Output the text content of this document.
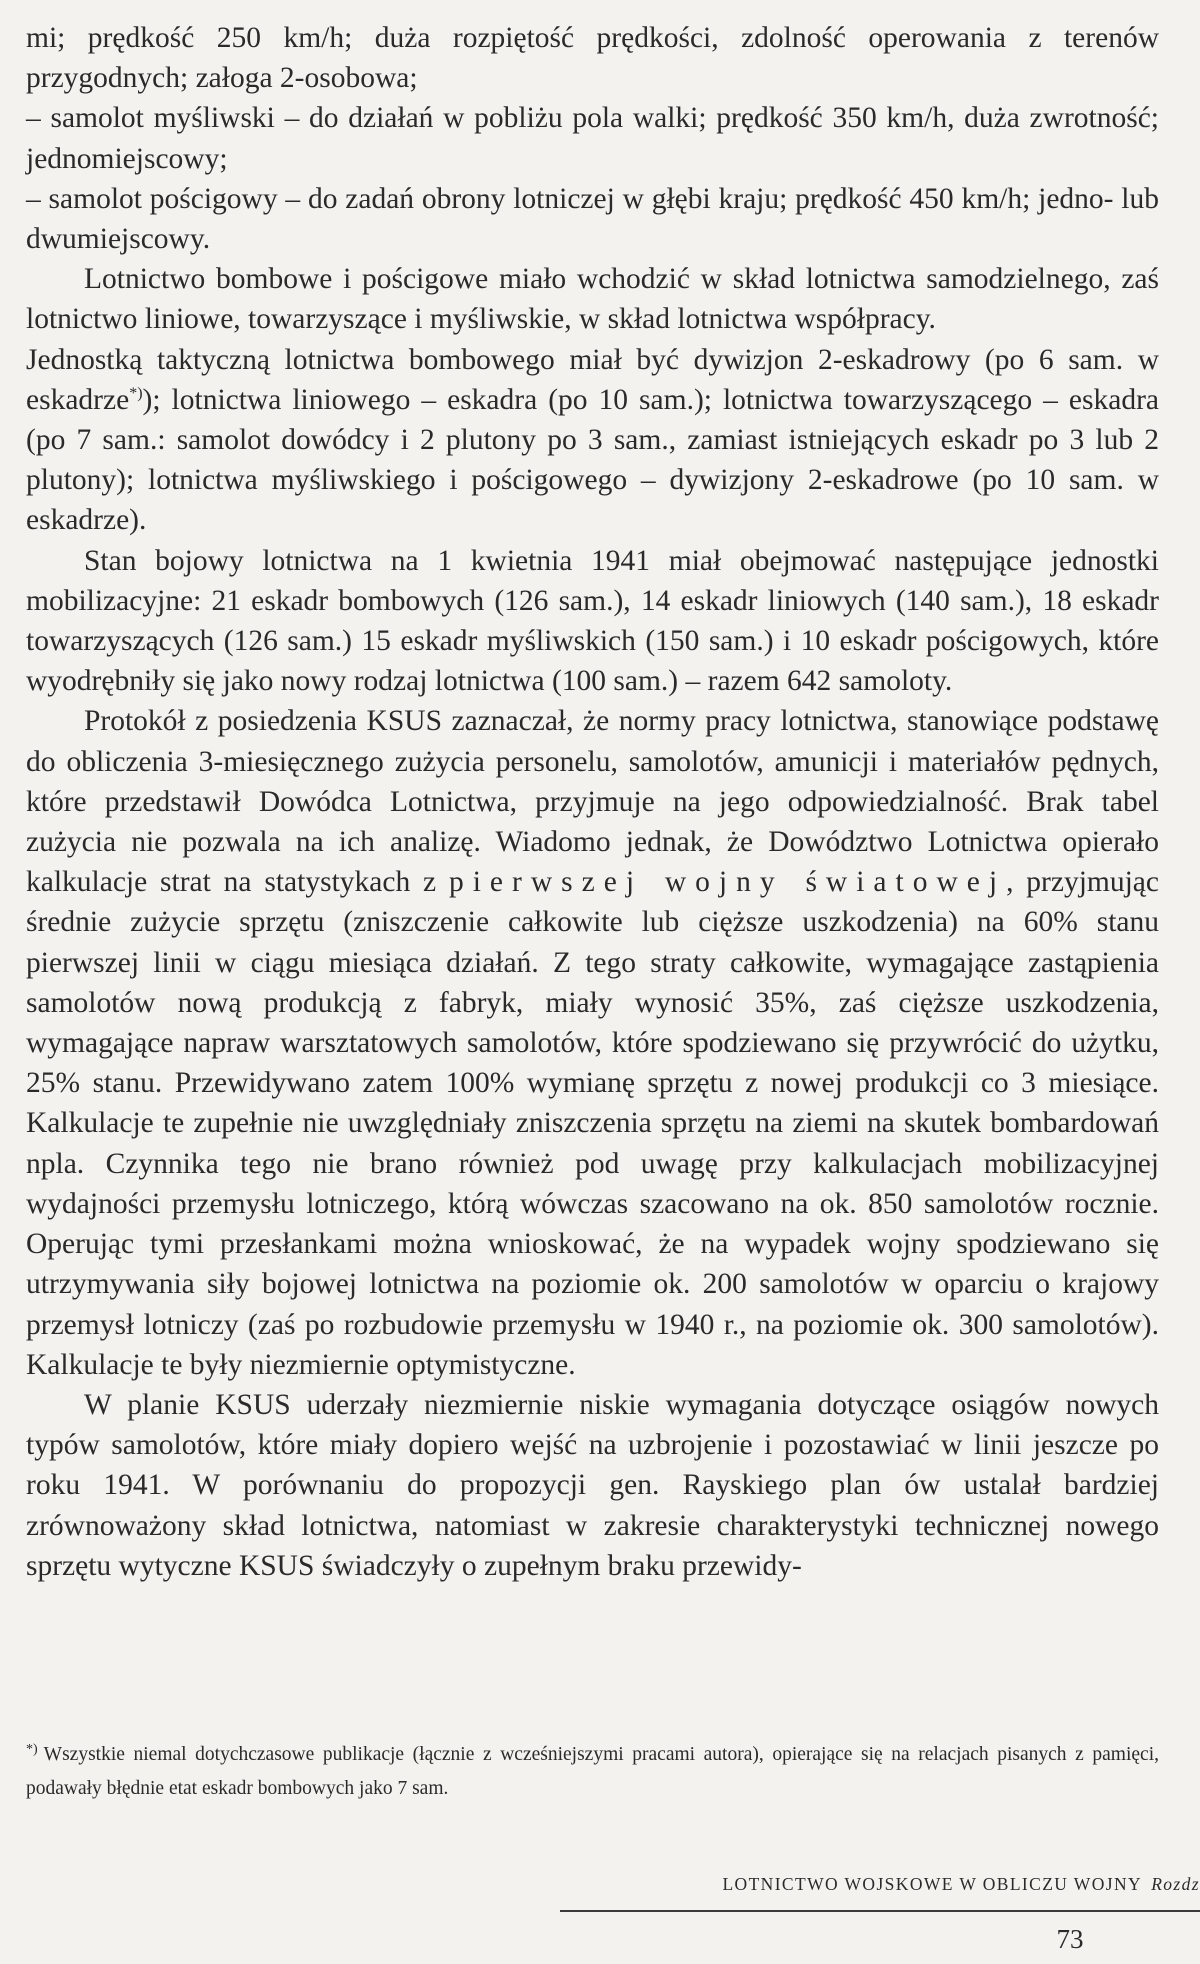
mi; prędkość 250 km/h; duża rozpiętość prędkości, zdolność operowania z terenów przygodnych; załoga 2-osobowa;

– samolot myśliwski – do działań w pobliżu pola walki; prędkość 350 km/h, duża zwrotność; jednomiejscowy;

– samolot pościgowy – do zadań obrony lotniczej w głębi kraju; prędkość 450 km/h; jedno- lub dwumiejscowy.

Lotnictwo bombowe i pościgowe miało wchodzić w skład lotnictwa samodzielnego, zaś lotnictwo liniowe, towarzyszące i myśliwskie, w skład lotnictwa współpracy.

Jednostką taktyczną lotnictwa bombowego miał być dywizjon 2-eskadrowy (po 6 sam. w eskadrze*)); lotnictwa liniowego – eskadra (po 10 sam.); lotnictwa towarzyszącego – eskadra (po 7 sam.: samolot dowódcy i 2 plutony po 3 sam., zamiast istniejących eskadr po 3 lub 2 plutony); lotnictwa myśliwskiego i pościgowego – dywizjony 2-eskadrowe (po 10 sam. w eskadrze).

Stan bojowy lotnictwa na 1 kwietnia 1941 miał obejmować następujące jednostki mobilizacyjne: 21 eskadr bombowych (126 sam.), 14 eskadr liniowych (140 sam.), 18 eskadr towarzyszących (126 sam.) 15 eskadr myśliwskich (150 sam.) i 10 eskadr pościgowych, które wyodrębniły się jako nowy rodzaj lotnictwa (100 sam.) – razem 642 samoloty.

Protokół z posiedzenia KSUS zaznaczał, że normy pracy lotnictwa, stanowiące podstawę do obliczenia 3-miesięcznego zużycia personelu, samolotów, amunicji i materiałów pędnych, które przedstawił Dowódca Lotnictwa, przyjmuje na jego odpowiedzialność. Brak tabel zużycia nie pozwala na ich analizę. Wiadomo jednak, że Dowództwo Lotnictwa opierało kalkulacje strat na statystykach z pierwszej wojny światowej, przyjmując średnie zużycie sprzętu (zniszczenie całkowite lub cięższe uszkodzenia) na 60% stanu pierwszej linii w ciągu miesiąca działań. Z tego straty całkowite, wymagające zastąpienia samolotów nową produkcją z fabryk, miały wynosić 35%, zaś cięższe uszkodzenia, wymagające napraw warsztatowych samolotów, które spodziewano się przywrócić do użytku, 25% stanu. Przewidywano zatem 100% wymianę sprzętu z nowej produkcji co 3 miesiące. Kalkulacje te zupełnie nie uwzględniały zniszczenia sprzętu na ziemi na skutek bombardowań npla. Czynnika tego nie brano również pod uwagę przy kalkulacjach mobilizacyjnej wydajności przemysłu lotniczego, którą wówczas szacowano na ok. 850 samolotów rocznie. Operując tymi przesłankami można wnioskować, że na wypadek wojny spodziewano się utrzymywania siły bojowej lotnictwa na poziomie ok. 200 samolotów w oparciu o krajowy przemysł lotniczy (zaś po rozbudowie przemysłu w 1940 r., na poziomie ok. 300 samolotów). Kalkulacje te były niezmiernie optymistyczne.

W planie KSUS uderzały niezmiernie niskie wymagania dotyczące osiągów nowych typów samolotów, które miały dopiero wejść na uzbrojenie i pozostawiać w linii jeszcze po roku 1941. W porównaniu do propozycji gen. Rayskiego plan ów ustalał bardziej zrównoważony skład lotnictwa, natomiast w zakresie charakterystyki technicznej nowego sprzętu wytyczne KSUS świadczyły o zupełnym braku przewidy-

*) Wszystkie niemal dotychczasowe publikacje (łącznie z wcześniejszymi pracami autora), opierające się na relacjach pisanych z pamięci, podawały błędnie etat eskadr bombowych jako 7 sam.
LOTNICTWO WOJSKOWE W OBLICZU WOJNY Rozdz
73
